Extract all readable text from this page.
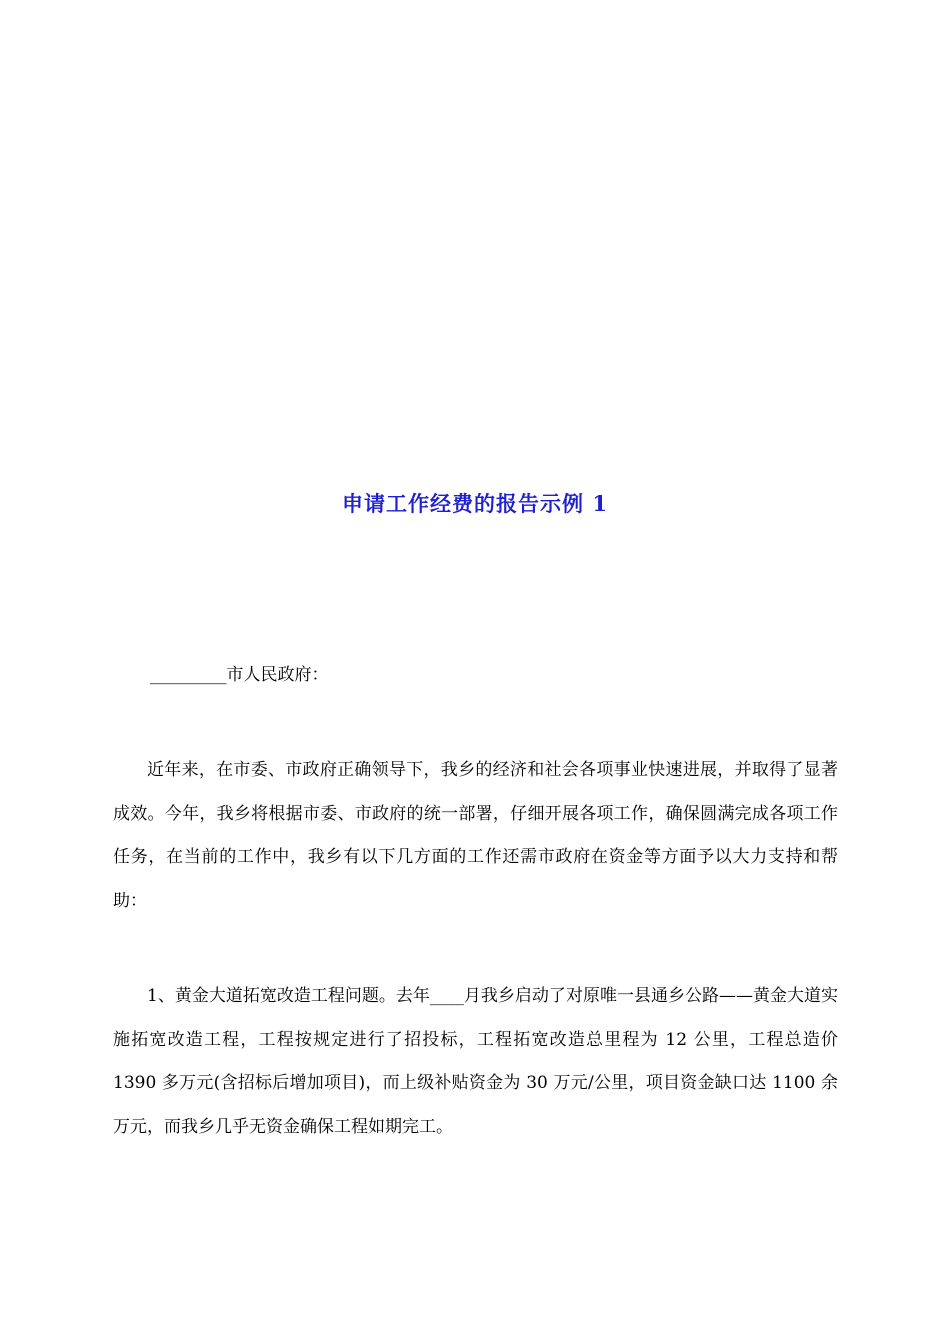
申请工作经费的报告示例 1

_________市人民政府：

近年来，在市委、市政府正确领导下，我乡的经济和社会各项事业快速进展，并取得了显著成效。今年，我乡将根据市委、市政府的统一部署，仔细开展各项工作，确保圆满完成各项工作任务，在当前的工作中，我乡有以下几方面的工作还需市政府在资金等方面予以大力支持和帮助：

1、黄金大道拓宽改造工程问题。去年____月我乡启动了对原唯一县通乡公路——黄金大道实施拓宽改造工程，工程按规定进行了招投标，工程拓宽改造总里程为 12 公里，工程总造价 1390 多万元(含招标后增加项目)，而上级补贴资金为 30 万元/公里，项目资金缺口达 1100 余万元，而我乡几乎无资金确保工程如期完工。
